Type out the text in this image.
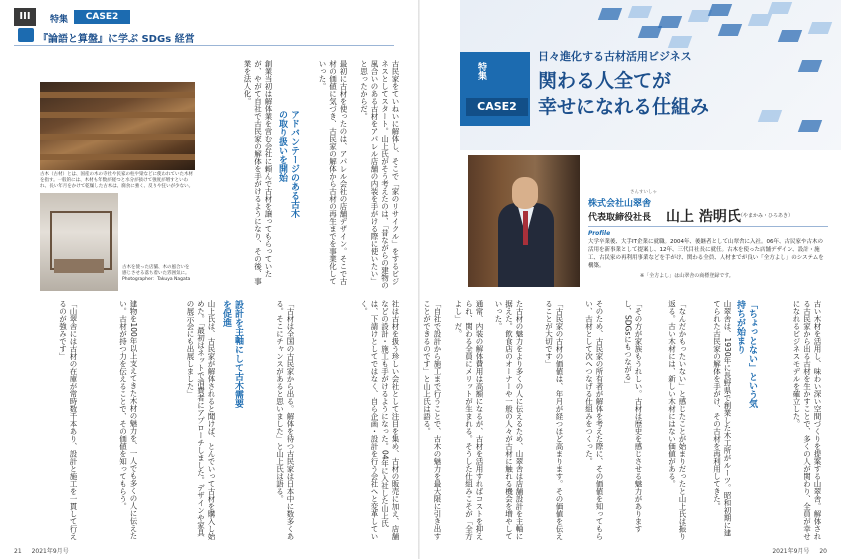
III	特集	CASE2
『論語と算盤』に学ぶ SDGs 経営
古木（古材）とは、国産の木の寺社や民家の柱や梁などに使われていた木材を指す。一般的には、木材も年数が経つと水分が抜けて強度が増すといわれ、長い年月をかけて乾燥した古木は、腐食に強く、反りや狂いが少ない。
古木を使った店舗、木の風合いを感じさせる落ち着いた雰囲気に。
Photographer：Takuya Nagata	古民家をていねいに解体し、そこで「家のリサイクル」をするビジネスとしてスタート。山上氏がそう考えたのは、「昔ながらの建物の風合いのある古材をアパレル店舗の内装を手がける際に使いたい」と思ったからだ。
最初に古材を使ったのは、アパレル会社の店舗デザイン。そこで古材の価値に気づき、古民家の解体から古材の再生までを事業化していった。
アドバンテージのある古木の取り扱いを開始
創業当初は解体業を営む会社に頼んで古材を譲ってもらっていたが、やがて自社で古民家の解体を手がけるようになり、その後、事業を法人化。
社は古材を扱う珍しい会社として注目を集め、古材の販売に加え、店舗などの設計・施工も手がけるようになった。04年に入社した山上氏は、下請けとしてではなく、自ら企画・設計を行う会社へと変革していく。
「古材は全国の古民家から出る。解体を待つ古民家は日本中に数多くある。そこにチャンスがあると思いました」と山上氏は語る。
設計を主軸にして古木需要を促進
山上氏は、古民家が解体されると聞けば、とんでいって古材を購入し始めた。「最初はネットで消費者にアプローチしました。デザインや家具の展示会にも出展しました」
建物を100年以上支えてきた木材の魅力を、一人でも多くの人に伝えたい。古材が持つ力を伝えることで、その価値を知ってもらう。
「山翠舎には古材の在庫が常時数千本あり、設計と施工を一貫して行えるのが強みです」
21 2021年9月号
特集
CASE2
日々進化する古材活用ビジネス
関わる人全てが
幸せになれる仕組み
さんすいしゃ
株式会社山翠舎
代表取締役社長 山上 浩明氏
（やまかみ・ひろあき）
Profile
大学卒業後、大手IT企業に就職。2004年、後継者として山翠舎に入社。06年、古民家や古木の活用を新事業として提案し、12年、三代目社長に就任。古木を使った店舗デザイン、設計・施工、古民家の再利用事業などを手がけ、関わる全員、人材までが良い「全方よし」のシステムを構築。
※「全方よし」は山翠舎の商標登録です。
古い木材を活用し、味わい深い空間づくりを提案する山翠舎。解体される古民家から出る古材を生かすことで、多くの人が関わり、全員が幸せになれるビジネスモデルを確立した。
「ちょっとない」という気持ちが始まり
山翠舎は、1930年に長野県で創業した木工所がルーツ。昭和初期に建てられた古民家の解体を手がけ、その古材を再利用してきた。
「なんだかもったいない」と感じたことが始まりだったと山上氏は振り返る。古い木材には、新しい木材にはない価値がある。
「その方が家族もうれしい。古材は歴史を感じさせる魅力がありますし、SDGsにもつながる」
そのため、古民家の所有者が解体を考えた際に、その価値を知ってもらい、古材として次へつなげる仕組みをつくった。
「古民家の古材の価値は、年月が経つほど高まります。その価値を伝えることが大切です」
た古材の魅力をより多くの人に伝えるため、山翠舎は店舗設計を主軸に据えた。飲食店のオーナーや一般の人々が古材に触れる機会を増やしていった。
通常、内装の解体費用は高額になるが、古材を活用すればコストを抑えられ、関わる全員にメリットが生まれる。そうした仕組みこそが「全方よし」だ。
「自社で設計から施工まで行うことで、古木の魅力を最大限に引き出すことができるのです」と山上氏は語る。
2021年9月号 20
